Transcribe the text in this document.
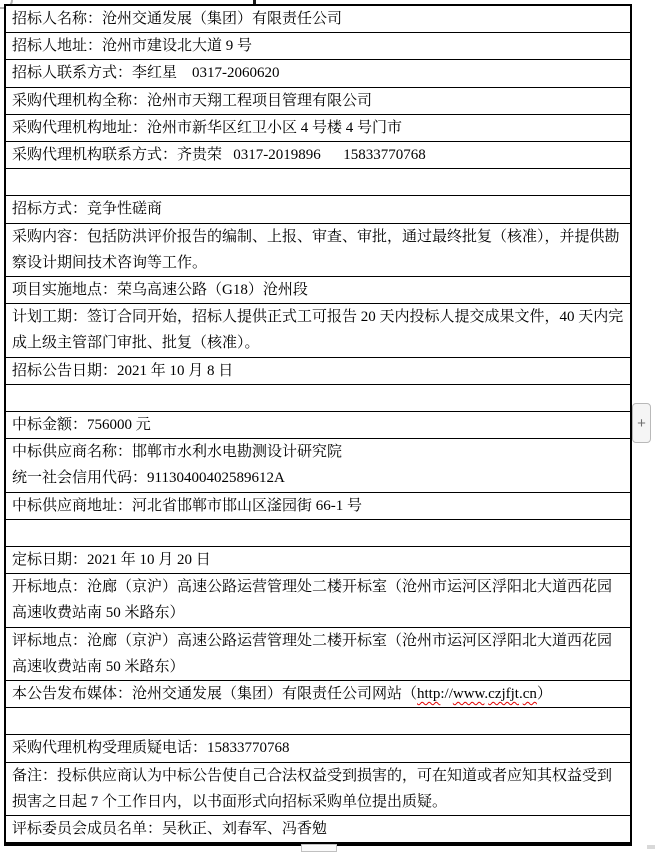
招标人名称：沧州交通发展（集团）有限责任公司

招标人地址：沧州市建设北大道 9 号

招标人联系方式：李红星    0317-2060620

采购代理机构全称：沧州市天翔工程项目管理有限公司

采购代理机构地址：沧州市新华区红卫小区 4 号楼 4 号门市

采购代理机构联系方式：齐贵荣   0317-2019896      15833770768

招标方式：竞争性磋商

采购内容：包括防洪评价报告的编制、上报、审查、审批，通过最终批复（核准），并提供勘察设计期间技术咨询等工作。

项目实施地点：荣乌高速公路（G18）沧州段

计划工期：签订合同开始，招标人提供正式工可报告 20 天内投标人提交成果文件，40 天内完成上级主管部门审批、批复（核准）。

招标公告日期：2021 年 10 月 8 日

中标金额：756000 元

中标供应商名称：邯郸市水利水电勘测设计研究院

统一社会信用代码：91130400402589612A

中标供应商地址：河北省邯郸市邯山区滏园街 66-1 号

定标日期：2021 年 10 月 20 日

开标地点：沧廊（京沪）高速公路运营管理处二楼开标室（沧州市运河区浮阳北大道西花园高速收费站南 50 米路东）

评标地点：沧廊（京沪）高速公路运营管理处二楼开标室（沧州市运河区浮阳北大道西花园高速收费站南 50 米路东）

本公告发布媒体：沧州交通发展（集团）有限责任公司网站（http://www.czjfjt.cn）

采购代理机构受理质疑电话：15833770768

备注：投标供应商认为中标公告使自己合法权益受到损害的，可在知道或者应知其权益受到损害之日起 7 个工作日内，以书面形式向招标采购单位提出质疑。

评标委员会成员名单：吴秋正、刘春军、冯香勉

+
